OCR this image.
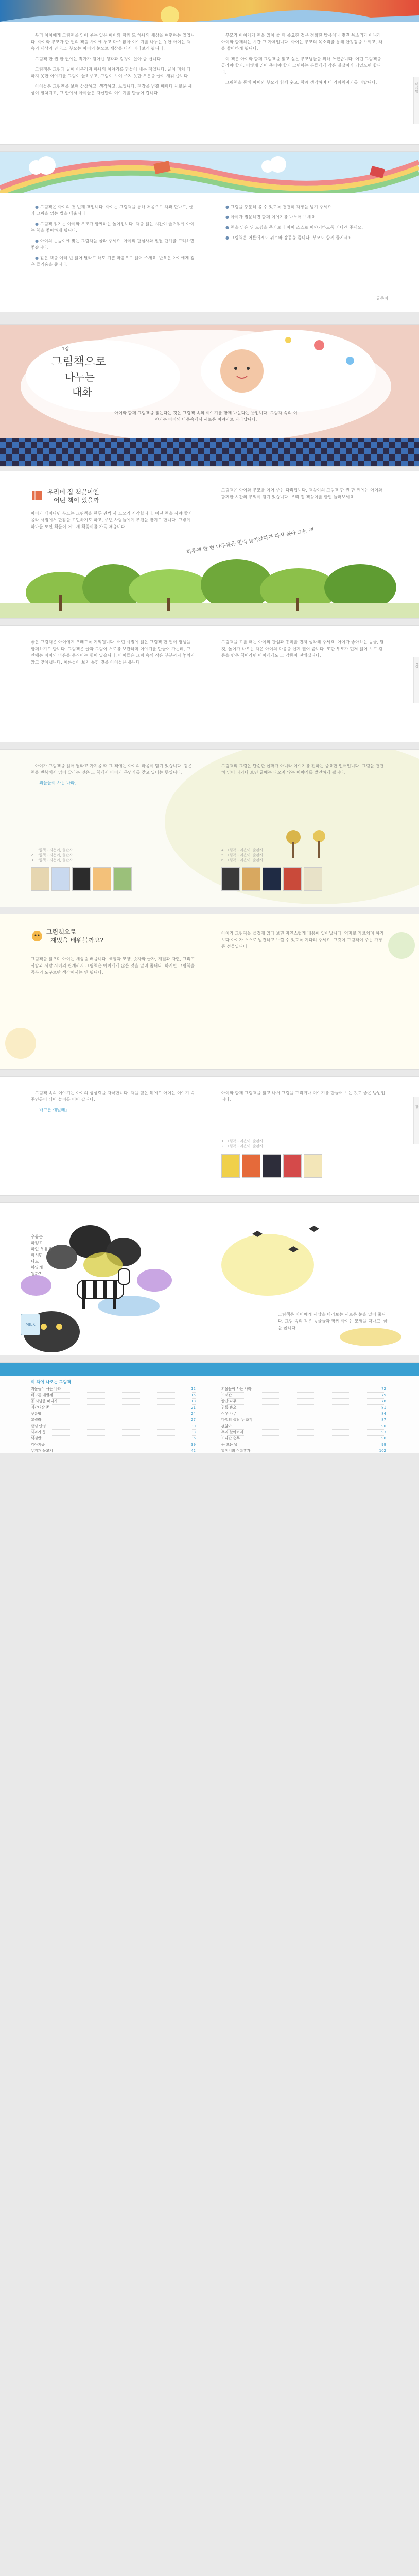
우리 아이에게 그림책을 읽어 주는 일은 아이와 함께 또 하나의 세상을 여행하는 일입니다. 아이와 부모가 한 권의 책을 사이에 두고 마주 앉아 이야기를 나누는 동안 아이는 책 속의 세상과 만나고, 부모는 아이의 눈으로 세상을 다시 바라보게 됩니다.

그림책 한 권 한 권에는 작가가 담아낸 생각과 감정이 살아 숨 쉽니다.

그림책은 그림과 글이 어우러져 하나의 이야기를 만들어 내는 책입니다. 글이 미처 다 하지 못한 이야기를 그림이 들려주고, 그림이 보여 주지 못한 부분을 글이 채워 줍니다.

아이들은 그림책을 보며 상상하고, 생각하고, 느낍니다. 책장을 넘길 때마다 새로운 세상이 펼쳐지고, 그 안에서 아이들은 자신만의 이야기를 만들어 갑니다.

부모가 아이에게 책을 읽어 줄 때 중요한 것은 정확한 발음이나 멋진 목소리가 아니라 아이와 함께하는 시간 그 자체입니다. 아이는 부모의 목소리를 통해 안정감을 느끼고, 책을 좋아하게 됩니다.

이 책은 아이와 함께 그림책을 읽고 싶은 부모님들을 위해 쓰였습니다. 어떤 그림책을 골라야 할지, 어떻게 읽어 주어야 할지 고민하는 분들에게 작은 길잡이가 되었으면 합니다.

그림책을 통해 아이와 부모가 함께 웃고, 함께 생각하며 더 가까워지기를 바랍니다.	머리말

● 그림책은 아이의 첫 번째 책입니다. 아이는 그림책을 통해 처음으로 책과 만나고, 글과 그림을 읽는 법을 배웁니다.

● 그림책 읽기는 아이와 부모가 함께하는 놀이입니다. 책을 읽는 시간이 즐거워야 아이는 책을 좋아하게 됩니다.

● 아이의 눈높이에 맞는 그림책을 골라 주세요. 아이의 관심사와 발달 단계를 고려하면 좋습니다.

● 같은 책을 여러 번 읽어 달라고 해도 기쁜 마음으로 읽어 주세요. 반복은 아이에게 깊은 즐거움을 줍니다.

● 그림을 충분히 볼 수 있도록 천천히 책장을 넘겨 주세요.

● 아이가 질문하면 함께 이야기를 나누어 보세요.

● 책을 읽은 뒤 느낌을 묻기보다 아이 스스로 이야기하도록 기다려 주세요.

● 그림책은 어른에게도 위로와 감동을 줍니다. 부모도 함께 즐기세요.

글쓴이
1장
그림책으로
나누는
대화
아이와 함께 그림책을 읽는다는 것은 그림책 속의 이야기를 함께 나눈다는 뜻입니다. 그림책 속의 이야기는 아이의 마음속에서 새로운 이야기로 자라납니다.
우리네 집 책꽂이엔
어떤 책이 있을까
아이가 태어나면 부모는 그림책을 한두 권씩 사 모으기 시작합니다. 어떤 책을 사야 할지 몰라 서점에서 한참을 고민하기도 하고, 주변 사람들에게 추천을 받기도 합니다. 그렇게 하나둘 모인 책들이 어느새 책꽂이를 가득 채웁니다.
그림책은 아이와 부모를 이어 주는 다리입니다. 책꽂이의 그림책 한 권 한 권에는 아이와 함께한 시간의 추억이 담겨 있습니다. 우리 집 책꽂이를 한번 둘러보세요.
하루에 한 번 나무들은 멀리 날아갔다가 다시 돌아 오는 새
좋은 그림책은 아이에게 오래도록 기억됩니다. 어린 시절에 읽은 그림책 한 권이 평생을 함께하기도 합니다. 그림책은 글과 그림이 서로를 보완하며 이야기를 만들어 가는데, 그 안에는 아이의 마음을 움직이는 힘이 있습니다. 아이들은 그림 속의 작은 부분까지 놓치지 않고 찾아냅니다. 어른들이 보지 못한 것을 아이들은 봅니다.
그림책을 고를 때는 아이의 관심과 흥미를 먼저 생각해 주세요. 아이가 좋아하는 동물, 탈것, 놀이가 나오는 책은 아이의 마음을 쉽게 열어 줍니다. 또한 부모가 먼저 읽어 보고 감동을 받은 책이라면 아이에게도 그 감동이 전해집니다.
1장

아이가 그림책을 읽어 달라고 가져올 때 그 책에는 아이의 마음이 담겨 있습니다. 같은 책을 반복해서 읽어 달라는 것은 그 책에서 아이가 무언가를 찾고 있다는 뜻입니다.

「괴물들이 사는 나라」

그림책의 그림은 단순한 삽화가 아니라 이야기를 전하는 중요한 언어입니다. 그림을 천천히 읽어 나가다 보면 글에는 나오지 않는 이야기를 발견하게 됩니다.
1. 그림책 - 지은이, 출판사
2. 그림책 - 지은이, 출판사
3. 그림책 - 지은이, 출판사
4. 그림책 - 지은이, 출판사
5. 그림책 - 지은이, 출판사
6. 그림책 - 지은이, 출판사
그림책으로
재밌을 배워볼까요?
그림책을 읽으며 아이는 세상을 배웁니다. 색깔과 모양, 숫자와 글자, 계절과 자연, 그리고 사람과 사람 사이의 관계까지 그림책은 아이에게 많은 것을 알려 줍니다. 하지만 그림책을 공부의 도구로만 생각해서는 안 됩니다.
아이가 그림책을 즐겁게 읽다 보면 자연스럽게 배움이 일어납니다. 억지로 가르치려 하기보다 아이가 스스로 발견하고 느낄 수 있도록 기다려 주세요. 그것이 그림책이 주는 가장 큰 선물입니다.

그림책 속의 이야기는 아이의 상상력을 자극합니다. 책을 덮은 뒤에도 아이는 이야기 속 주인공이 되어 놀이를 이어 갑니다.

「배고픈 애벌레」

아이와 함께 그림책을 읽고 나서 그림을 그리거나 이야기를 만들어 보는 것도 좋은 방법입니다.
1. 그림책 - 지은이, 출판사
2. 그림책 - 지은이, 출판사
1장
MILK
우유는
하얗고
하얀 우유를
마시면
나도
하얗게
될까?
그림책은 아이에게 세상을 바라보는 새로운 눈을 열어 줍니다. 그림 속의 작은 동물들과 함께 아이는 모험을 떠나고, 꿈을 꿉니다.
이 책에 나오는 그림책
괴물들이 사는 나라	12
배고픈 애벌레	15
곰 사냥을 떠나자	18
지각대장 존	21
구름빵	24
고릴라	27
달님 안녕	30
사과가 쿵	33
넉점반	36
강아지똥	39
무지개 물고기	42
괴물들이 사는 나라	72
도서관	75
빨간 나무	78
위를 봐요!	81
여우 나무	84
마법의 설탕 두 조각	87
괜찮아	90
우리 할아버지	93
커다란 순무	96
눈 오는 날	99
할머니의 여름휴가	102
